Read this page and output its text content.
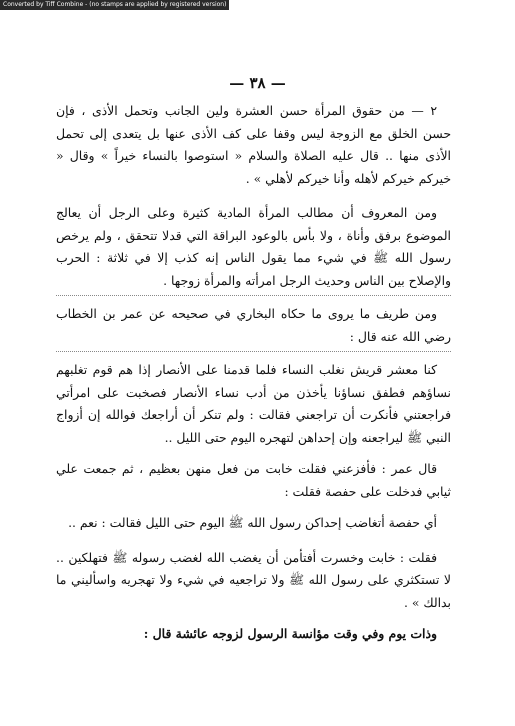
Converted by Tiff Combine - (no stamps are applied by registered version)
— ٣٨ —

٢ — من حقوق المرأة حسن العشرة ولين الجانب وتحمل الأذى ، فإن حسن الخلق مع الزوجة ليس وقفا على كف الأذى عنها بل يتعدى إلى تحمل الأذى منها .. قال عليه الصلاة والسلام « استوصوا بالنساء خيراً » وقال « خيركم خيركم لأهله وأنا خيركم لأهلي » .

ومن المعروف أن مطالب المرأة المادية كثيرة وعلى الرجل أن يعالج الموضوع برفق وأناة ، ولا بأس بالوعود البراقة التي قدلا تتحقق ، ولم يرخص رسول الله ﷺ في شيء مما يقول الناس إنه كذب إلا في ثلاثة : الحرب والإصلاح بين الناس وحديث الرجل امرأته والمرأة زوجها .

ومن طريف ما يروى ما حكاه البخاري في صحيحه عن عمر بن الخطاب رضي الله عنه قال :

كنا معشر قريش نغلب النساء فلما قدمنا على الأنصار إذا هم قوم تغلبهم نساؤهم فطفق نساؤنا يأخذن من أدب نساء الأنصار فصخبت على امرأتي فراجعتني فأنكرت أن تراجعني فقالت : ولم تنكر أن أراجعك فوالله إن أزواج النبي ﷺ ليراجعنه وإن إحداهن لتهجره اليوم حتى الليل ..

قال عمر : فأفزعني فقلت خابت من فعل منهن بعظيم ، ثم جمعت علي ثيابي فدخلت على حفصة فقلت :

أي حفصة أتغاضب إحداكن رسول الله ﷺ اليوم حتى الليل فقالت : نعم ..

فقلت : خابت وخسرت أفتأمن أن يغضب الله لغضب رسوله ﷺ فتهلكين .. لا تستكثري على رسول الله ﷺ ولا تراجعيه في شيء ولا تهجريه واسأليني ما بدالك » .

وذات يوم وفي وقت مؤانسة الرسول لزوجه عائشة قال :
